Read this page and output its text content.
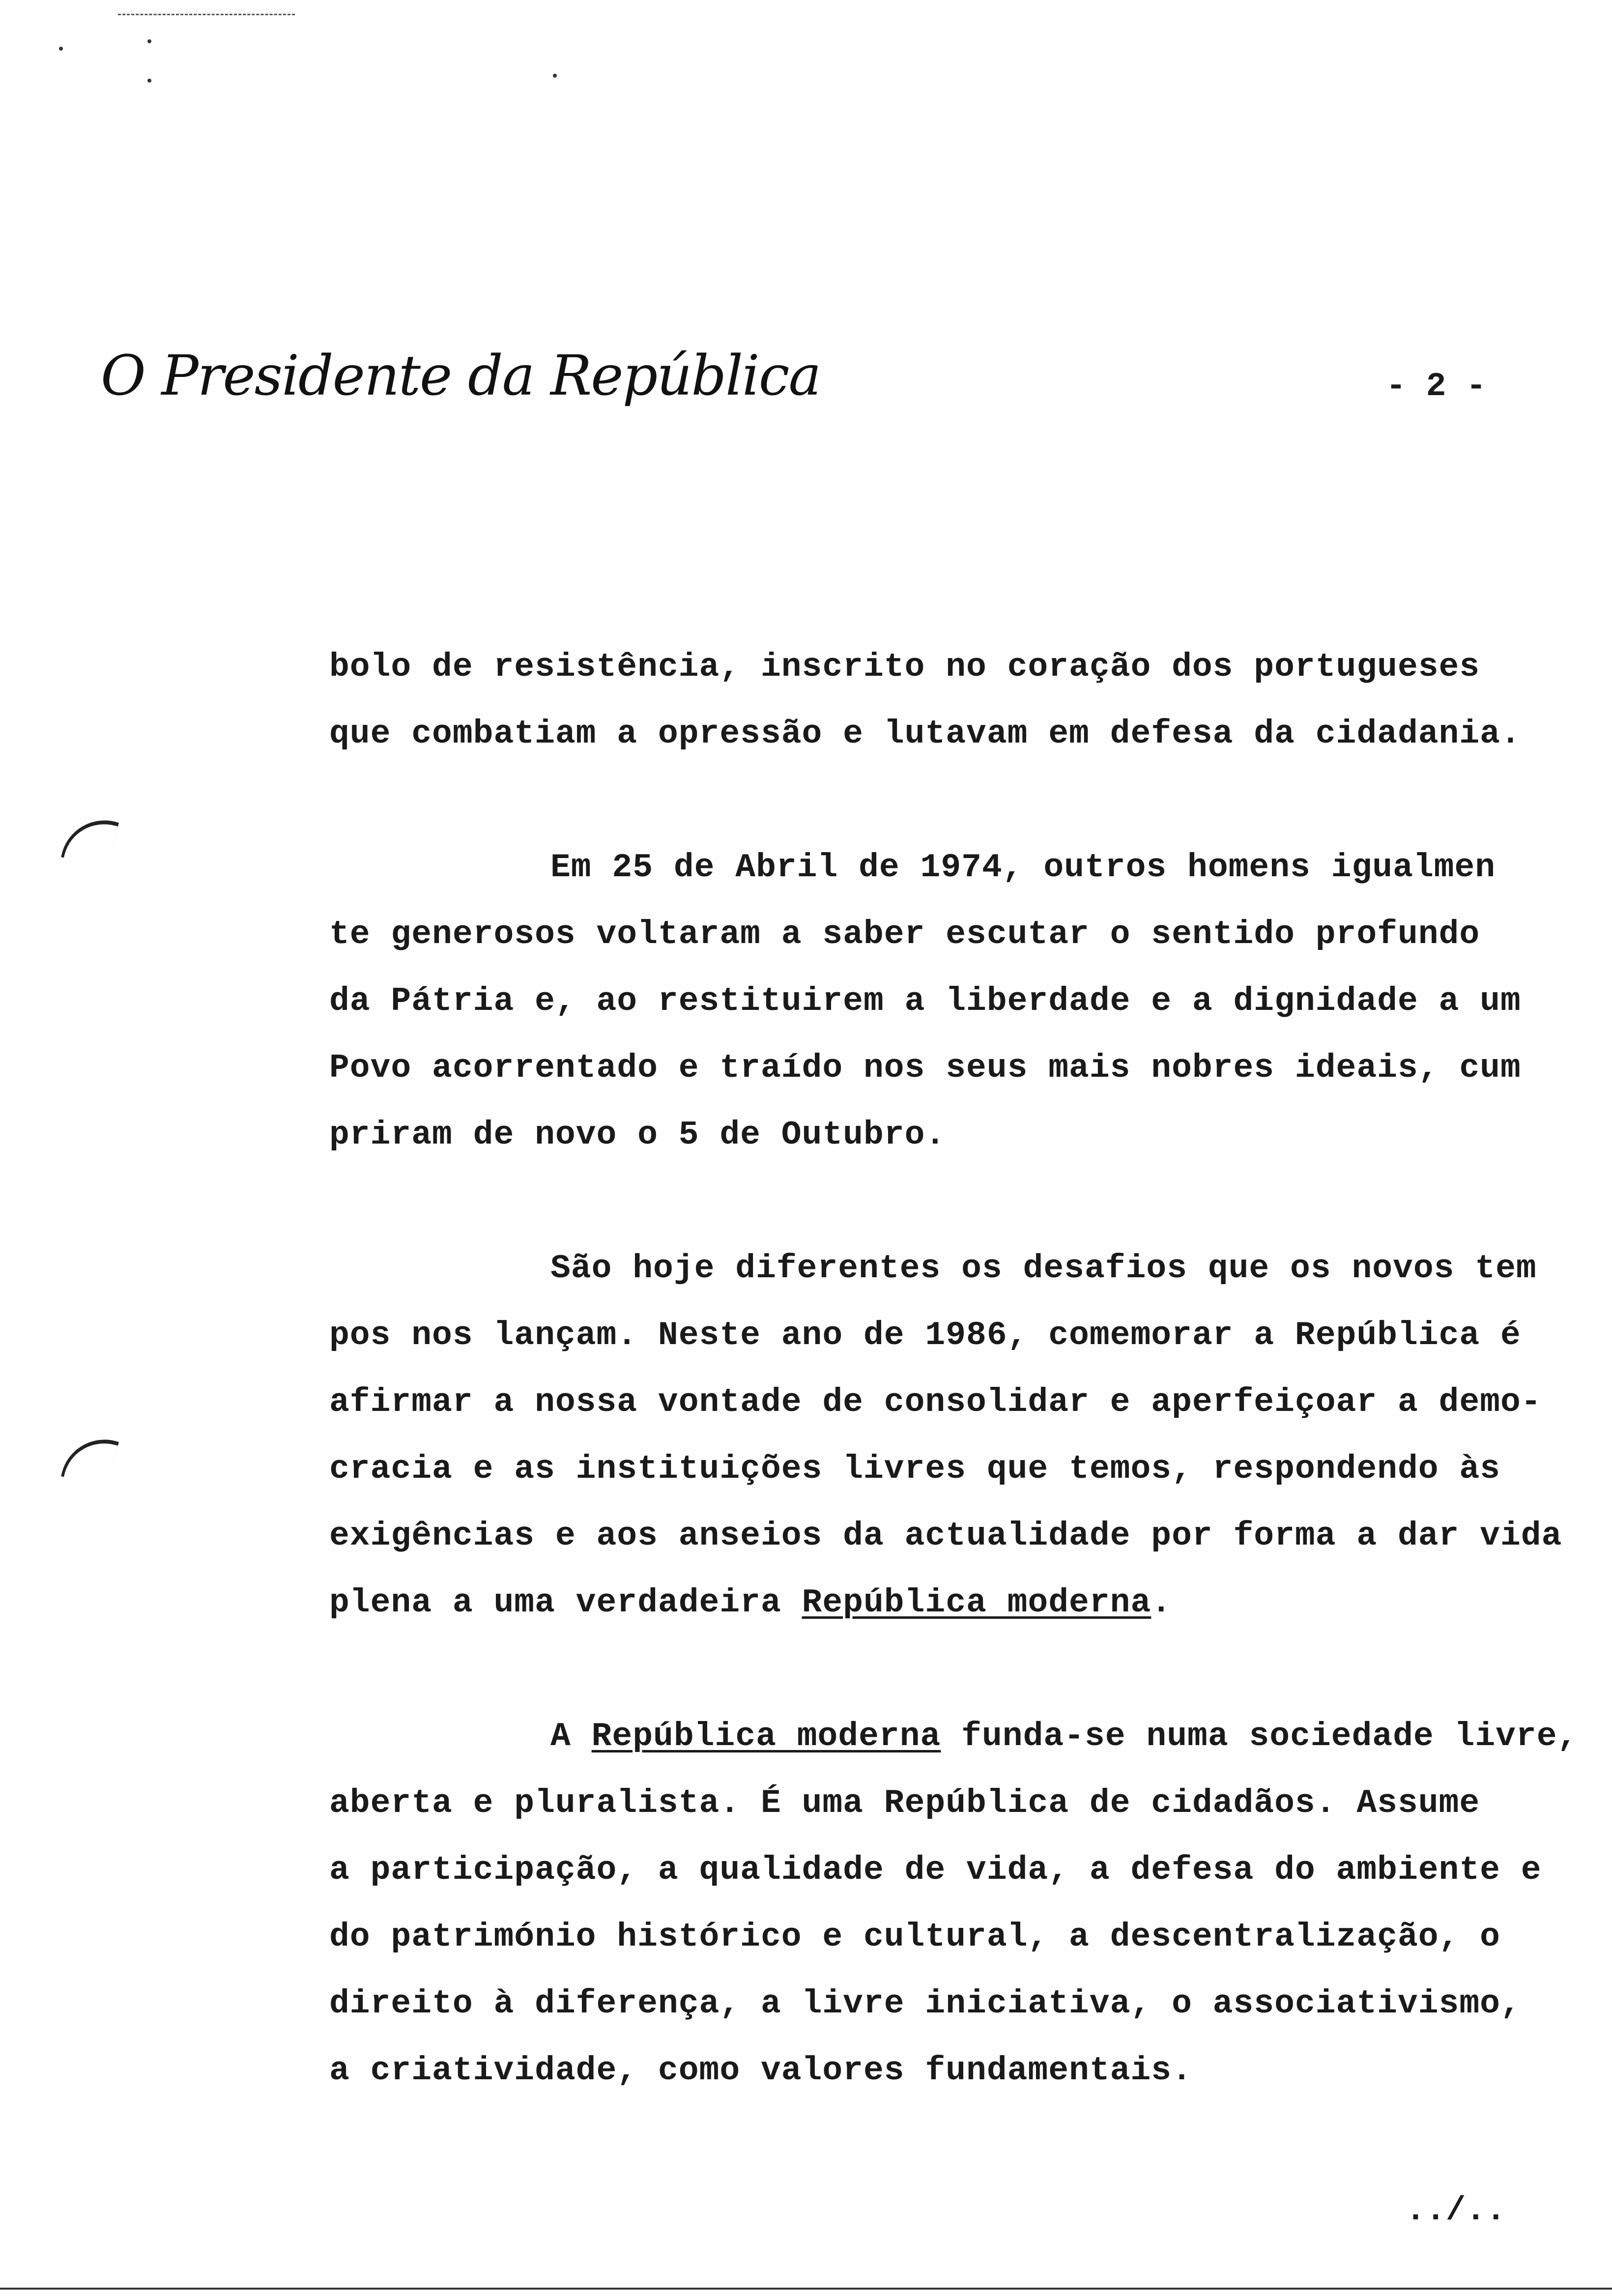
O Presidente da República	- 2 -
bolo de resistência, inscrito no coração dos portugueses
que combatiam a opressão e lutavam em defesa da cidadania.
Em 25 de Abril de 1974, outros homens igualmen
te generosos voltaram a saber escutar o sentido profundo
da Pátria e, ao restituirem a liberdade e a dignidade a um
Povo acorrentado e traído nos seus mais nobres ideais, cum
priram de novo o 5 de Outubro.
São hoje diferentes os desafios que os novos tem
pos nos lançam. Neste ano de 1986, comemorar a República é
afirmar a nossa vontade de consolidar e aperfeiçoar a demo-
cracia e as instituições livres que temos, respondendo às
exigências e aos anseios da actualidade por forma a dar vida
plena a uma verdadeira República moderna.
A República moderna funda-se numa sociedade livre,
aberta e pluralista. É uma República de cidadãos. Assume
a participação, a qualidade de vida, a defesa do ambiente e
do património histórico e cultural, a descentralização, o
direito à diferença, a livre iniciativa, o associativismo,
a criatividade, como valores fundamentais.
../..
